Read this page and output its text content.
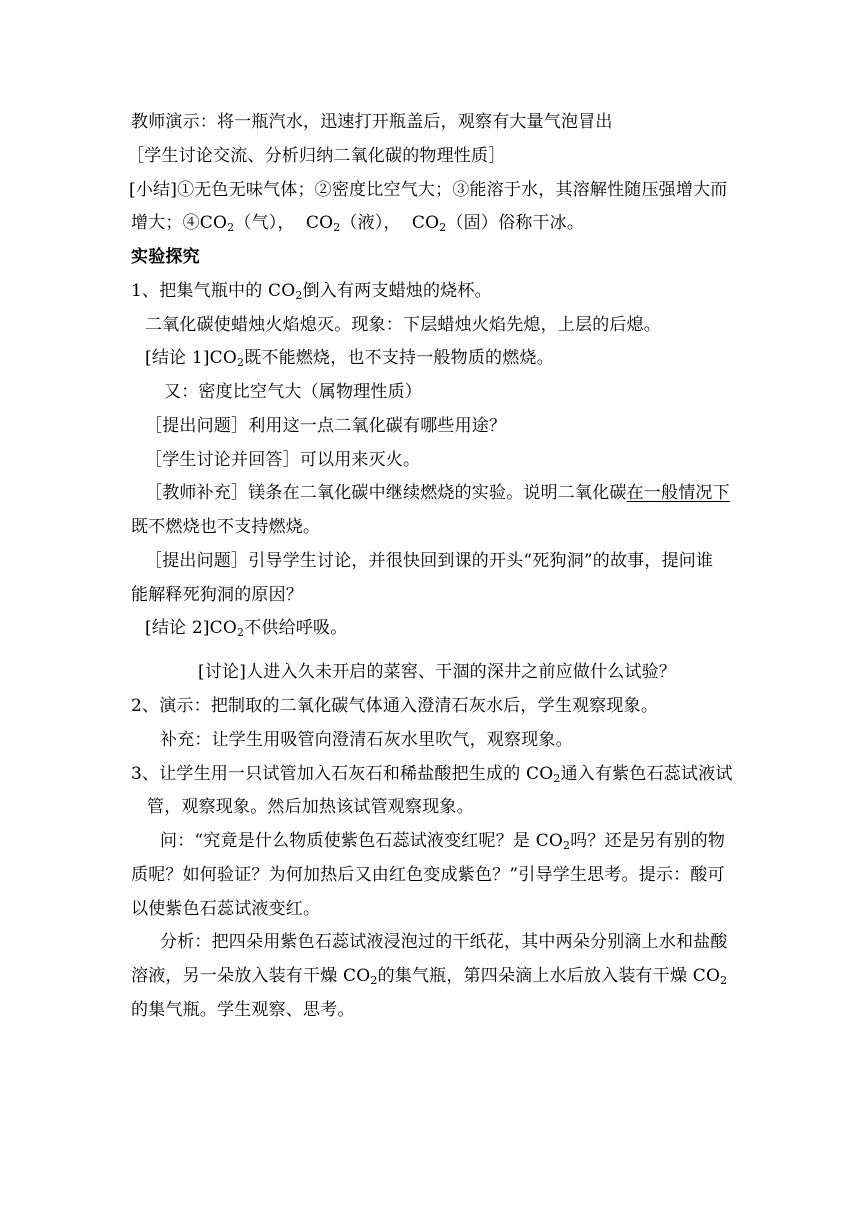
教师演示：将一瓶汽水，迅速打开瓶盖后，观察有大量气泡冒出
［学生讨论交流、分析归纳二氧化碳的物理性质］
[小结]①无色无味气体；②密度比空气大；③能溶于水，其溶解性随压强增大而
增大；$④CO_2$（气），  $CO_2$（液），  $CO_2$（固）俗称干冰。
实验探究
1、把集气瓶中的 $CO_2$倒入有两支蜡烛的烧杯。
二氧化碳使蜡烛火焰熄灭。现象：下层蜡烛火焰先熄，上层的后熄。
[结论 $1]CO_2$既不能燃烧，也不支持一般物质的燃烧。
又：密度比空气大（属物理性质）
［提出问题］利用这一点二氧化碳有哪些用途？
［学生讨论并回答］可以用来灭火。
［教师补充］镁条在二氧化碳中继续燃烧的实验。说明二氧化碳在一般情况下
既不燃烧也不支持燃烧。
［提出问题］引导学生讨论，并很快回到课的开头“死狗洞”的故事，提问谁
能解释死狗洞的原因？
[结论 $2]CO_2$不供给呼吸。
[讨论]人进入久未开启的菜窖、干涸的深井之前应做什么试验？
2、演示：把制取的二氧化碳气体通入澄清石灰水后，学生观察现象。
补充：让学生用吸管向澄清石灰水里吹气，观察现象。
3、让学生用一只试管加入石灰石和稀盐酸把生成的 $CO_2$通入有紫色石蕊试液试
管，观察现象。然后加热该试管观察现象。
问：“究竟是什么物质使紫色石蕊试液变红呢？是 $CO_2$吗？还是另有别的物
质呢？如何验证？为何加热后又由红色变成紫色？”引导学生思考。提示：酸可
以使紫色石蕊试液变红。
分析：把四朵用紫色石蕊试液浸泡过的干纸花，其中两朵分别滴上水和盐酸
溶液，另一朵放入装有干燥 $CO_2$的集气瓶，第四朵滴上水后放入装有干燥 $CO_2$
的集气瓶。学生观察、思考。
